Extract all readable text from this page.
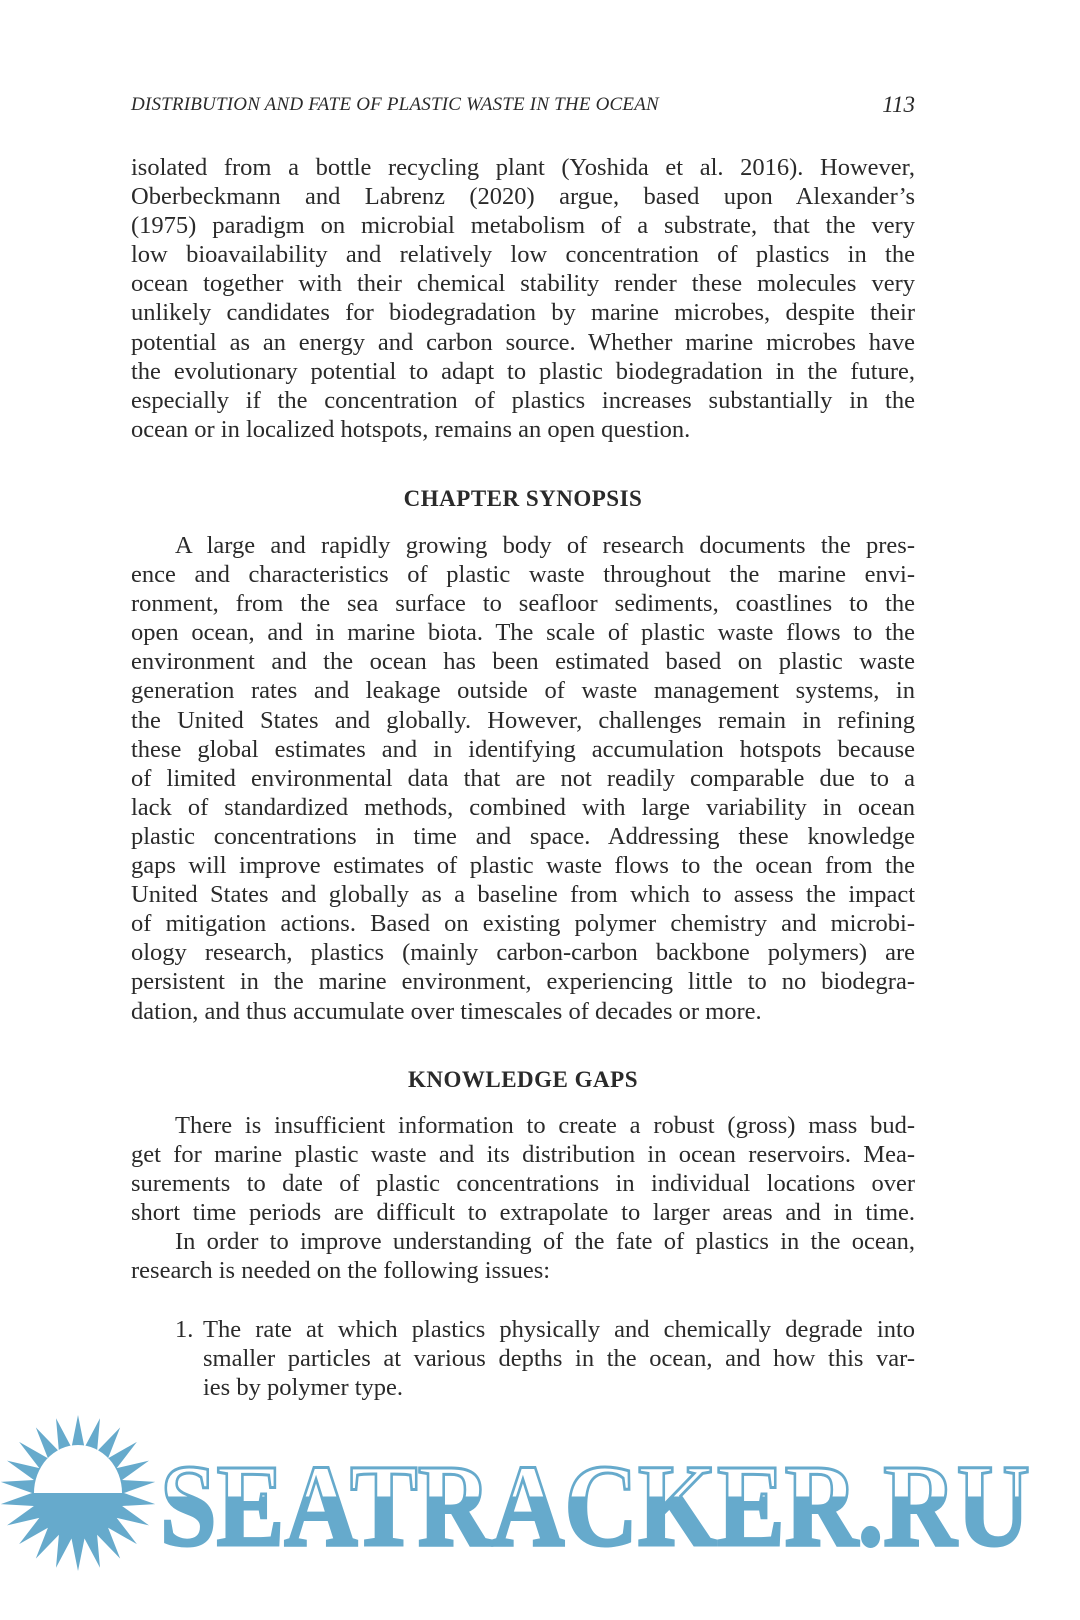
DISTRIBUTION AND FATE OF PLASTIC WASTE IN THE OCEAN	113
isolated from a bottle recycling plant (Yoshida et al. 2016). However,
Oberbeckmann and Labrenz (2020) argue, based upon Alexander’s
(1975) paradigm on microbial metabolism of a substrate, that the very
low bioavailability and relatively low concentration of plastics in the
ocean together with their chemical stability render these molecules very
unlikely candidates for biodegradation by marine microbes, despite their
potential as an energy and carbon source. Whether marine microbes have
the evolutionary potential to adapt to plastic biodegradation in the future,
especially if the concentration of plastics increases substantially in the
ocean or in localized hotspots, remains an open question.
CHAPTER SYNOPSIS
A large and rapidly growing body of research documents the pres-
ence and characteristics of plastic waste throughout the marine envi-
ronment, from the sea surface to seafloor sediments, coastlines to the
open ocean, and in marine biota. The scale of plastic waste flows to the
environment and the ocean has been estimated based on plastic waste
generation rates and leakage outside of waste management systems, in
the United States and globally. However, challenges remain in refining
these global estimates and in identifying accumulation hotspots because
of limited environmental data that are not readily comparable due to a
lack of standardized methods, combined with large variability in ocean
plastic concentrations in time and space. Addressing these knowledge
gaps will improve estimates of plastic waste flows to the ocean from the
United States and globally as a baseline from which to assess the impact
of mitigation actions. Based on existing polymer chemistry and microbi-
ology research, plastics (mainly carbon-carbon backbone polymers) are
persistent in the marine environment, experiencing little to no biodegra-
dation, and thus accumulate over timescales of decades or more.
KNOWLEDGE GAPS
There is insufficient information to create a robust (gross) mass bud-
get for marine plastic waste and its distribution in ocean reservoirs. Mea-
surements to date of plastic concentrations in individual locations over
short time periods are difficult to extrapolate to larger areas and in time.
In order to improve understanding of the fate of plastics in the ocean,
research is needed on the following issues:
1. The rate at which plastics physically and chemically degrade into
smaller particles at various depths in the ocean, and how this var-
ies by polymer type.
SEATRACKER.RU
